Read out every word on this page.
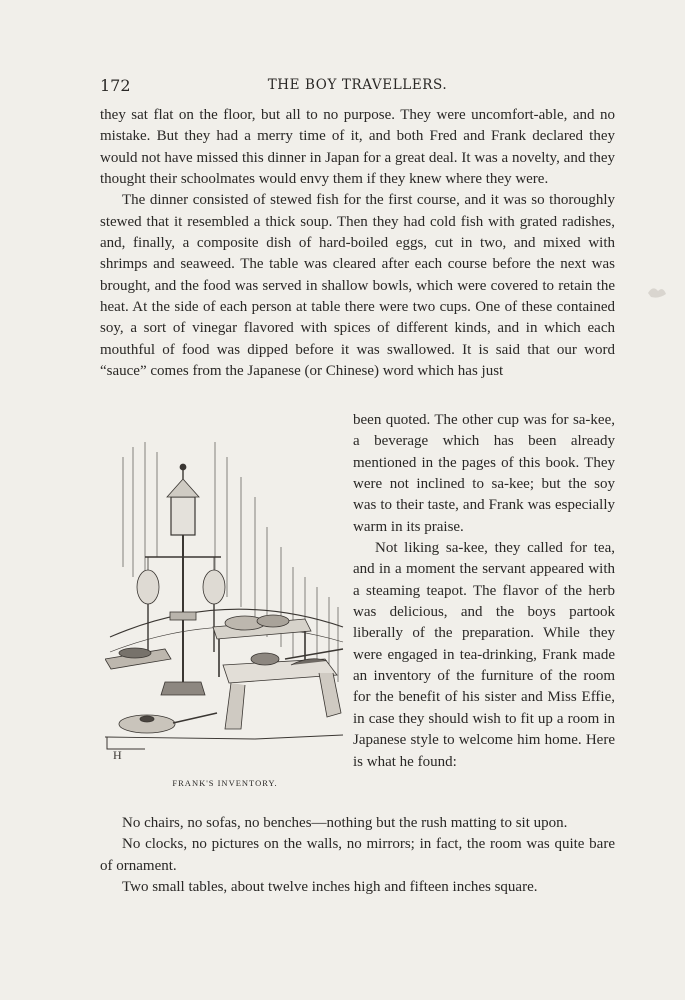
172	THE BOY TRAVELLERS.

they sat flat on the floor, but all to no purpose. They were uncomfort-able, and no mistake. But they had a merry time of it, and both Fred and Frank declared they would not have missed this dinner in Japan for a great deal. It was a novelty, and they thought their schoolmates would envy them if they knew where they were.

The dinner consisted of stewed fish for the first course, and it was so thoroughly stewed that it resembled a thick soup. Then they had cold fish with grated radishes, and, finally, a composite dish of hard-boiled eggs, cut in two, and mixed with shrimps and seaweed. The table was cleared after each course before the next was brought, and the food was served in shallow bowls, which were covered to retain the heat. At the side of each person at table there were two cups. One of these contained soy, a sort of vinegar flavored with spices of different kinds, and in which each mouthful of food was dipped before it was swallowed. It is said that our word “sauce” comes from the Japanese (or Chinese) word which has just

H
FRANK'S INVENTORY.

been quoted. The other cup was for sa-kee, a beverage which has been already mentioned in the pages of this book. They were not inclined to sa-kee; but the soy was to their taste, and Frank was especially warm in its praise.

Not liking sa-kee, they called for tea, and in a moment the servant appeared with a steaming teapot. The flavor of the herb was delicious, and the boys partook liberally of the preparation. While they were engaged in tea-drinking, Frank made an inventory of the furniture of the room for the benefit of his sister and Miss Effie, in case they should wish to fit up a room in Japanese style to welcome him home. Here is what he found:

No chairs, no sofas, no benches—nothing but the rush matting to sit upon.

No clocks, no pictures on the walls, no mirrors; in fact, the room was quite bare of ornament.

Two small tables, about twelve inches high and fifteen inches square.
